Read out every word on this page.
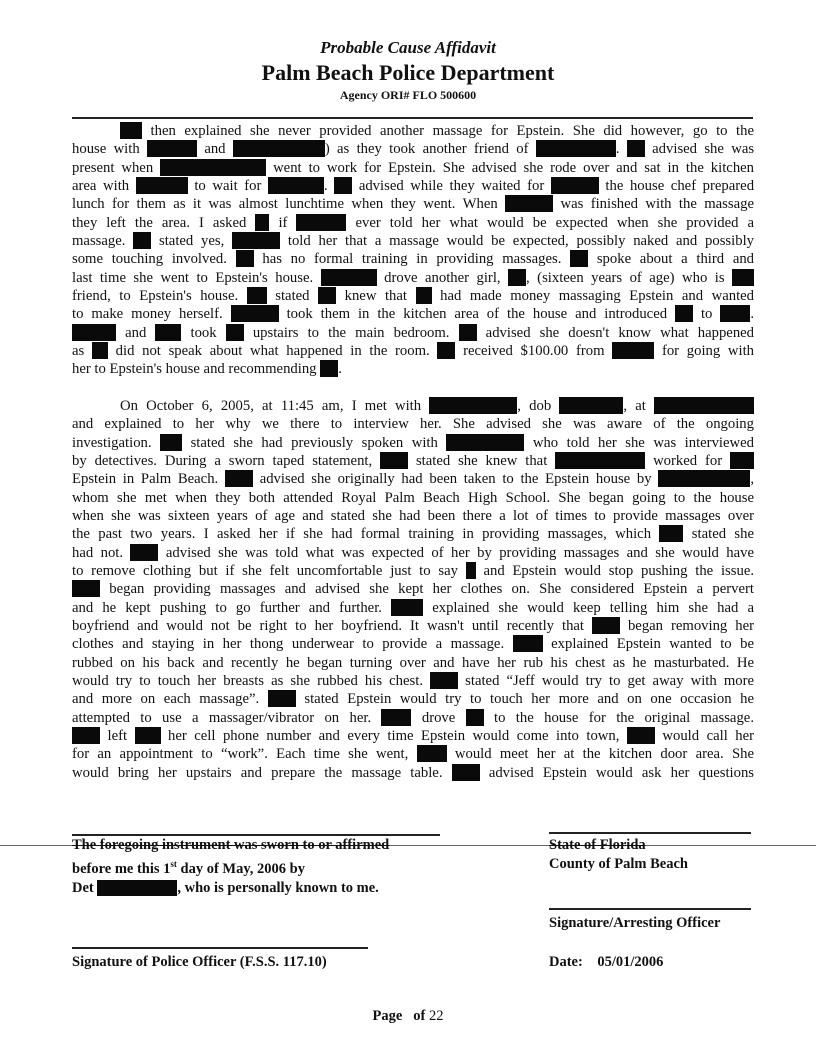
Probable Cause Affidavit
Palm Beach Police Department
Agency ORI# FLO 500600
then explained she never provided another massage for Epstein. She did however, go to the
house with	and	) as they took another friend of	. advised she was
present when	went to work for Epstein. She advised she rode over and sat in the kitchen
area with	to wait for	. advised while they waited for	the house chef prepared
lunch for them as it was almost lunchtime when they went. When	was finished with the massage
they left the area. I asked if	ever told her what would be expected when she provided a
massage. stated yes,	told her that a massage would be expected, possibly naked and possibly
some touching involved. has no formal training in providing massages. spoke about a third and
last time she went to Epstein's house.	drove another girl, , (sixteen years of age) who is
friend, to Epstein's house.	stated knew that had made money massaging Epstein and wanted
to make money herself.	took them in the kitchen area of the house and introduced to	.
and	took upstairs to the main bedroom. advised she doesn't know what happened
as did not speak about what happened in the room. received $100.00 from	for going with
her to Epstein's house and recommending .
On October 6, 2005, at 11:45 am, I met with	, dob	, at
and explained to her why we there to interview her. She advised she was aware of the ongoing
investigation.	stated she had previously spoken with	who told her she was interviewed
by detectives. During a sworn taped statement,	stated she knew that	worked for
Epstein in Palm Beach.	advised she originally had been taken to the Epstein house by	,
whom she met when they both attended Royal Palm Beach High School. She began going to the house
when she was sixteen years of age and stated she had been there a lot of times to provide massages over
the past two years. I asked her if she had formal training in providing massages, which	stated she
had not.	advised she was told what was expected of her by providing massages and she would have
to remove clothing but if she felt uncomfortable just to say and Epstein would stop pushing the issue.
began providing massages and advised she kept her clothes on. She considered Epstein a pervert
and he kept pushing to go further and further.	explained she would keep telling him she had a
boyfriend and would not be right to her boyfriend. It wasn't until recently that	began removing her
clothes and staying in her thong underwear to provide a massage.	explained Epstein wanted to be
rubbed on his back and recently he began turning over and have her rub his chest as he masturbated. He
would try to touch her breasts as she rubbed his chest.	stated “Jeff would try to get away with more
and more on each massage”.	stated Epstein would try to touch her more and on one occasion he
attempted to use a massager/vibrator on her.	drove	to the house for the original massage.
left	her cell phone number and every time Epstein would come into town,	would call her
for an appointment to “work”. Each time she went,	would meet her at the kitchen door area. She
would bring her upstairs and prepare the massage table.	advised Epstein would ask her questions
The foregoing instrument was sworn to or affirmed
before me this 1st day of May, 2006 by
Det	, who is personally known to me.
State of Florida
County of Palm Beach
Signature/Arresting Officer
Signature of Police Officer (F.S.S. 117.10)	Date: 05/01/2006
Page of 22
